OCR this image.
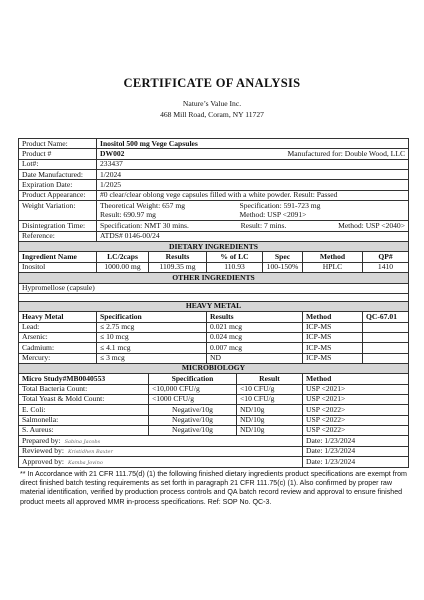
CERTIFICATE OF ANALYSIS
Nature’s Value Inc.
468 Mill Road, Coram, NY 11727
Product Name:	Inositol 500 mg Vege Capsules						
Product #	DW002 Manufactured for: Double Wood, LLC						

Lot#:	233437						
Date Manufactured:	1/2024						
Expiration Date:	1/2025						
Product Appearance:	#0 clear/clear oblong vege capsules filled with a white powder. Result: Passed						
Weight Variation:	Theoretical Weight: 657 mg			Specification: 591-723 mg			
	Result: 690.97 mg			Method: USP <2091>			
Disintegration Time:	Specification: NMT 30 mins. Result: 7 mins. Method: USP <2040>						

Reference:	ATDS# 0146-00/24						
DIETARY INGREDIENTS							
Ingredient Name	LC/2caps	Results	% of LC		Spec	Method	QP#
Inositol	1000.00 mg	1109.35 mg	110.93		100-150%	HPLC	1410
OTHER INGREDIENTS							
Hypromellose (capsule)							

HEAVY METAL							
Heavy Metal	Specification		Results			Method	QC-67.01
Lead:	≤ 2.75 mcg		0.021 mcg			ICP-MS	
Arsenic:	≤ 10 mcg		0.024 mcg			ICP-MS	
Cadmium:	≤ 4.1 mcg		0.007 mcg			ICP-MS	
Mercury:	≤ 3 mcg		ND			ICP-MS	
MICROBIOLOGY							
Micro Study#MB0040553		Specification		Result		Method	
Total Bacteria Count:		<10,000 CFU/g		<10 CFU/g		USP <2021>	
Total Yeast & Mold Count:		<1000 CFU/g		<10 CFU/g		USP <2021>	
E. Coli:		Negative/10g		ND/10g		USP <2022>	
Salmonella:		Negative/10g		ND/10g		USP <2022>	
S. Aureus:		Negative/10g		ND/10g		USP <2022>	
Prepared by: Sabina Jacobs						Date: 1/23/2024	
Reviewed by: Kristidhen Baxter						Date: 1/23/2024	
Approved by: Kamba Jovino						Date: 1/23/2024	
** In Accordance with 21 CFR 111.75(d) (1) the following finished dietary ingredients product specifications are exempt from direct finished batch testing requirements as set forth in paragraph 21 CFR 111.75(c) (1). Also confirmed by proper raw material identification, verified by production process controls and QA batch record review and approval to ensure finished product meets all approved MMR in-process specifications. Ref: SOP No. QC-3.
